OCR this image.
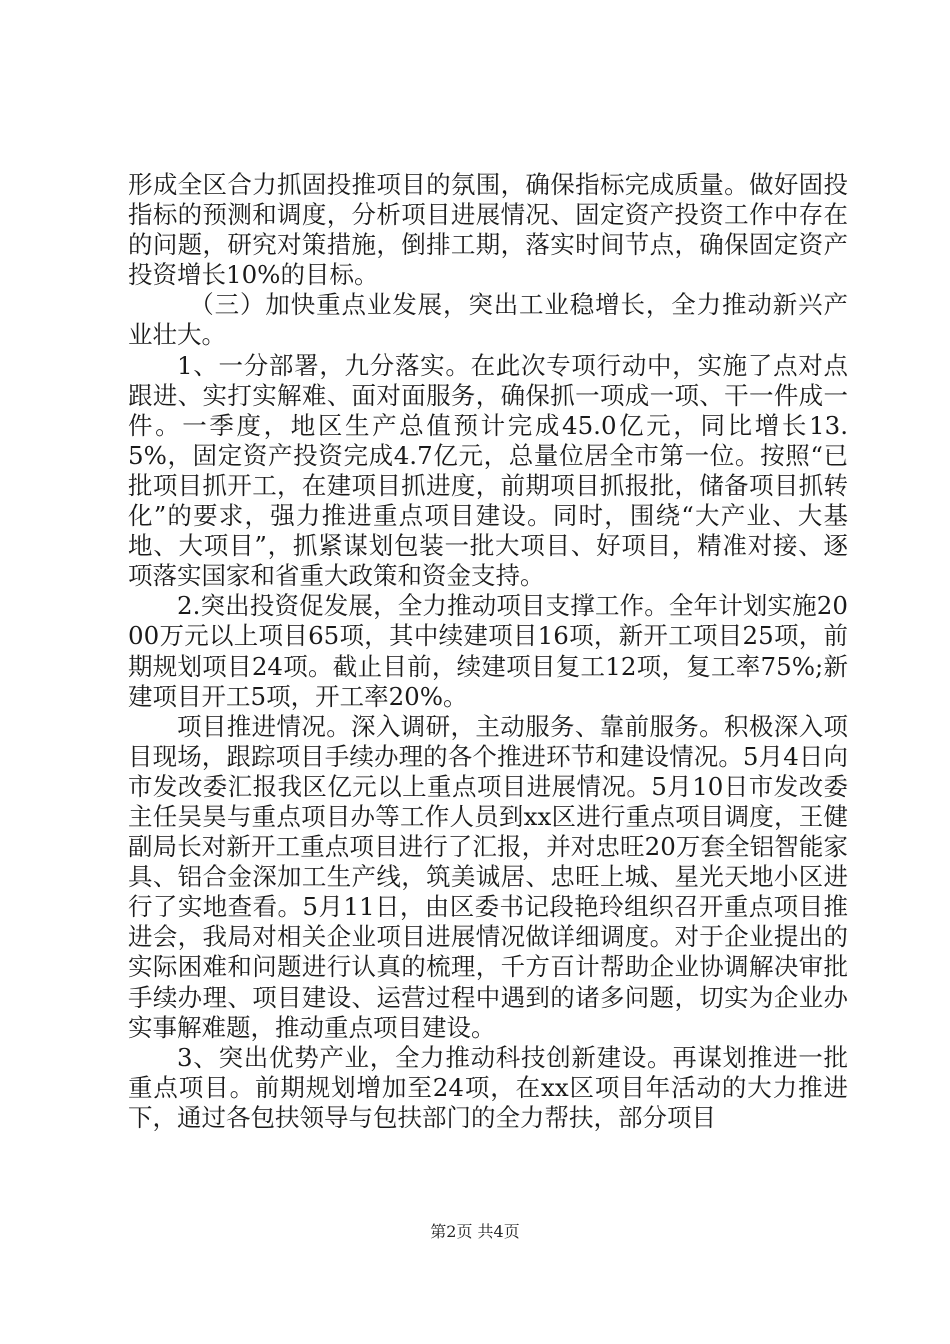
形成全区合力抓固投推项目的氛围，确保指标完成质量。做好固投指标的预测和调度，分析项目进展情况、固定资产投资工作中存在的问题，研究对策措施，倒排工期，落实时间节点，确保固定资产投资增长10%的目标。

（三）加快重点业发展，突出工业稳增长，全力推动新兴产业壮大。

1、一分部署，九分落实。在此次专项行动中，实施了点对点跟进、实打实解难、面对面服务，确保抓一项成一项、干一件成一件。一季度，地区生产总值预计完成45.0亿元，同比增长13.5%，固定资产投资完成4.7亿元，总量位居全市第一位。按照“已批项目抓开工，在建项目抓进度，前期项目抓报批，储备项目抓转化”的要求，强力推进重点项目建设。同时，围绕“大产业、大基地、大项目”，抓紧谋划包装一批大项目、好项目，精准对接、逐项落实国家和省重大政策和资金支持。

2.突出投资促发展，全力推动项目支撑工作。全年计划实施2000万元以上项目65项，其中续建项目16项，新开工项目25项，前期规划项目24项。截止目前，续建项目复工12项，复工率75%;新建项目开工5项，开工率20%。

项目推进情况。深入调研，主动服务、靠前服务。积极深入项目现场，跟踪项目手续办理的各个推进环节和建设情况。5月4日向市发改委汇报我区亿元以上重点项目进展情况。5月10日市发改委主任吴昊与重点项目办等工作人员到xx区进行重点项目调度，王健副局长对新开工重点项目进行了汇报，并对忠旺20万套全铝智能家具、铝合金深加工生产线，筑美诚居、忠旺上城、星光天地小区进行了实地查看。5月11日，由区委书记段艳玲组织召开重点项目推进会，我局对相关企业项目进展情况做详细调度。对于企业提出的实际困难和问题进行认真的梳理，千方百计帮助企业协调解决审批手续办理、项目建设、运营过程中遇到的诸多问题，切实为企业办实事解难题，推动重点项目建设。

3、突出优势产业，全力推动科技创新建设。再谋划推进一批重点项目。前期规划增加至24项，在xx区项目年活动的大力推进下，通过各包扶领导与包扶部门的全力帮扶，部分项目

第2页 共4页
